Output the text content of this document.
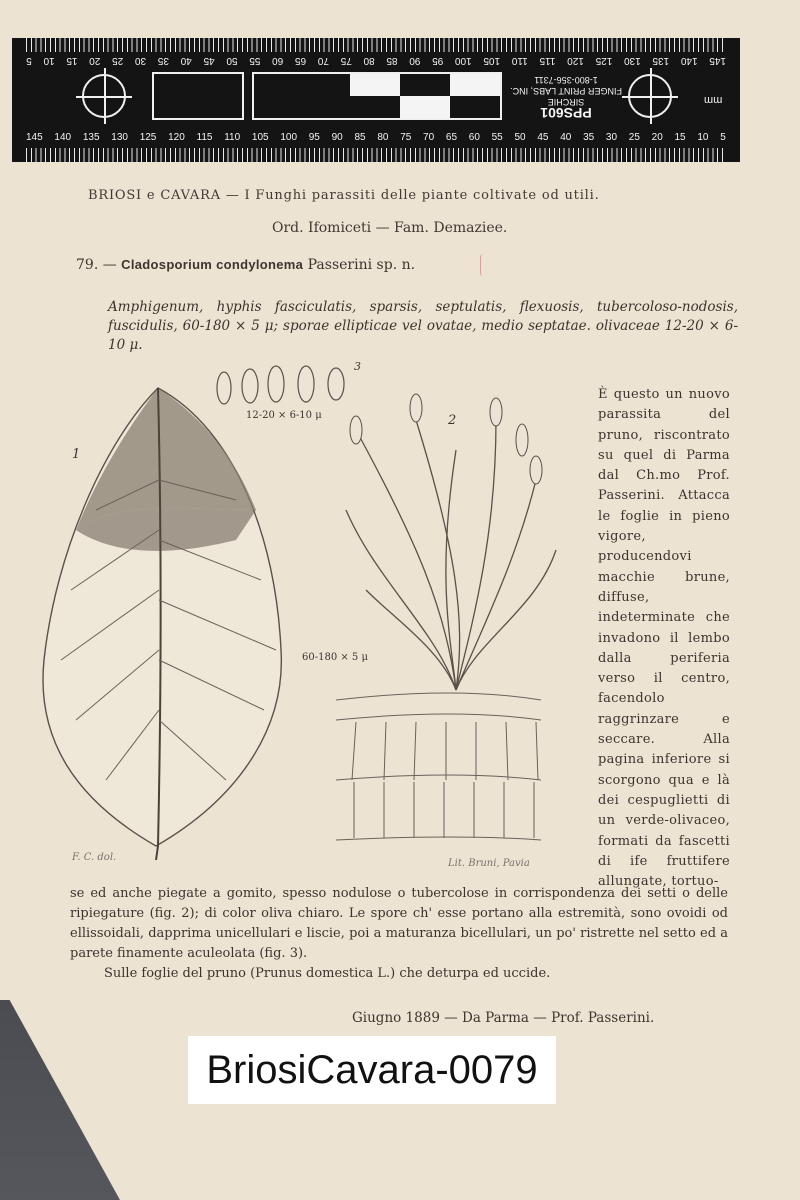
145
140
135
130
125
120
115
110
105
100
95
90
85
80
75
70
65
60
55
50
45
40
35
30
25
20
15
10
5
mm
PPS601
SIRCHIE
FINGER PRINT LABS, INC.
1-800-356-7311
145 140 135 130 125 120 115 110 105 100 95 90 85 80 75 70 65 60 55 50 45 40 35 30 25 20 15 10 5
BRIOSI e CAVARA — I Funghi parassiti delle piante coltivate od utili.
Ord. Ifomiceti — Fam. Demaziee.
79. — Cladosporium condylonema Passerini sp. n.
Amphigenum, hyphis fasciculatis, sparsis, septulatis, flexuosis, tubercoloso-nodosis, fuscidulis, 60-180 × 5 μ; sporae ellipticae vel ovatae, medio septatae. olivaceae 12-20 × 6-10 μ.
1
3
12-20 × 6-10 μ	2
60-180 × 5 μ
F. C. dol.
Lit. Bruni, Pavia
È questo un nuovo parassita del pruno, riscontrato su quel di Parma dal Ch.mo Prof. Passerini. Attacca le foglie in pieno vigore, producendovi macchie brune, diffuse, indeterminate che invadono il lembo dalla periferia verso il centro, facendolo raggrinzare e seccare. Alla pagina inferiore si scorgono qua e là dei cespuglietti di un verde-olivaceo, formati da fascetti di ife fruttifere allungate, tortuo-

se ed anche piegate a gomito, spesso nodulose o tubercolose in corrispondenza dei setti o delle ripiegature (fig. 2); di color oliva chiaro. Le spore ch' esse portano alla estremità, sono ovoidi od ellissoidali, dapprima unicellulari e liscie, poi a maturanza bicellulari, un po' ristrette nel setto ed a parete finamente aculeolata (fig. 3).

Sulle foglie del pruno (Prunus domestica L.) che deturpa ed uccide.

Giugno 1889 — Da Parma — Prof. Passerini.
BriosiCavara-0079
